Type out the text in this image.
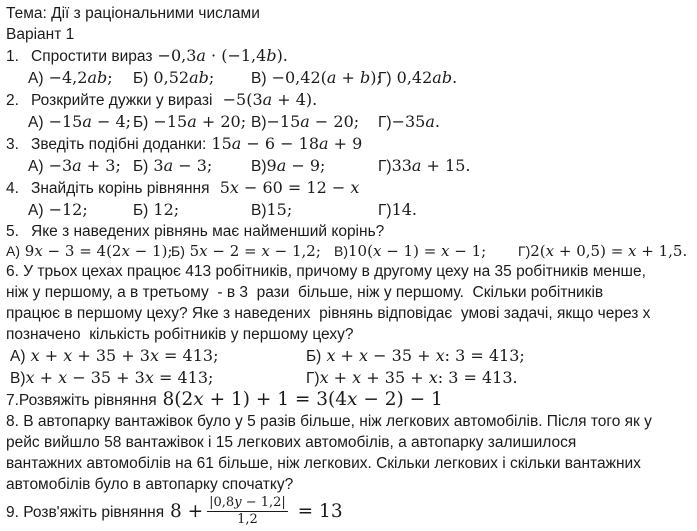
Тема: Дії з раціональними числами
Варіант 1
1. Спростити вираз −0,3a · (−1,4b).
А) −4,2ab; Б) 0,52ab; В) −0,42(a + b);Г) 0,42ab.
2. Розкрийте дужки у виразі  −5(3a + 4).
А) −15a − 4; Б) −15a + 20; В)−15a − 20; Г)−35a.
3. Зведіть подібні доданки: 15a − 6 − 18a + 9
А) −3a + 3; Б) 3a − 3; В)9a − 9;	Г)33a + 15.
4. Знайдіть корінь рівняння  5x − 60 = 12 − x
А) −12;	Б) 12;	В)15;	Г)14.
5. Яке з наведених рівнянь має найменший корінь?
А) 9x − 3 = 4(2x − 1);Б) 5x − 2 = x − 1,2; В)10(x − 1) = x − 1; Г)2(x + 0,5) = x + 1,5.
6. У трьох цехах працює 413 робітників, причому в другому цеху на 35 робітників менше,
ніж у першому, а в третьому  - в 3  рази  більше, ніж у першому.  Скільки робітників
працює в першому цеху? Яке з наведених  рівнянь відповідає  умові задачі, якщо через х
позначено  кількість робітників у першому цеху?
А) x + x + 35 + 3x = 413;	Б) x + x − 35 + x: 3 = 413;
В)x + x − 35 + 3x = 413;	Г)x + x + 35 + x: 3 = 413.
7.Розвяжіть рівняння 8(2x + 1) + 1 = 3(4x − 2) − 1
8. В автопарку вантажівок було у 5 разів більше, ніж легкових автомобілів. Після того як у
рейс вийшло 58 вантажівок і 15 легкових автомобілів, а автопарку залишилося
вантажних автомобілів на 61 більше, ніж легкових. Скільки легкових і скільки вантажних
автомобілів було в автопарку спочатку?
9. Розв'яжіть рівняння $8 + \frac{|0,8y - 1,2|}{1,2} = 13$
